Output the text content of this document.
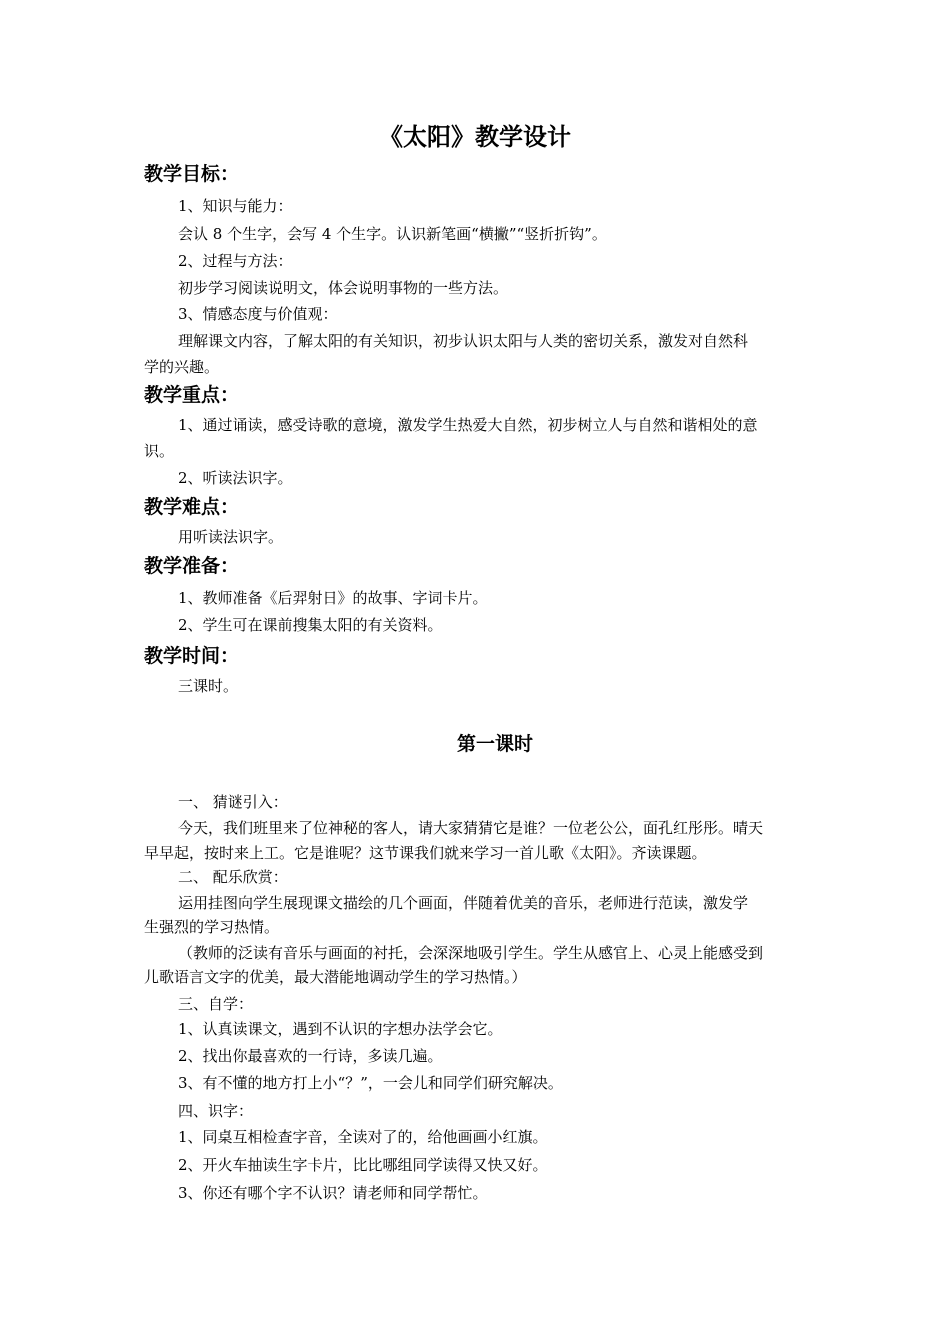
《太阳》教学设计
教学目标：
1、知识与能力：
会认 8 个生字，会写 4 个生字。认识新笔画“横撇”“竖折折钩”。
2、过程与方法：
初步学习阅读说明文，体会说明事物的一些方法。
3、情感态度与价值观：
理解课文内容，了解太阳的有关知识，初步认识太阳与人类的密切关系，激发对自然科
学的兴趣。
教学重点：
1、通过诵读，感受诗歌的意境，激发学生热爱大自然，初步树立人与自然和谐相处的意
识。
2、听读法识字。
教学难点：
用听读法识字。
教学准备：
1、教师准备《后羿射日》的故事、字词卡片。
2、学生可在课前搜集太阳的有关资料。
教学时间：
三课时。
第一课时
一、 猜谜引入：
今天，我们班里来了位神秘的客人，请大家猜猜它是谁？一位老公公，面孔红彤彤。晴天
早早起，按时来上工。它是谁呢？这节课我们就来学习一首儿歌《太阳》。齐读课题。
二、 配乐欣赏：
运用挂图向学生展现课文描绘的几个画面，伴随着优美的音乐，老师进行范读，激发学
生强烈的学习热情。
（教师的泛读有音乐与画面的衬托，会深深地吸引学生。学生从感官上、心灵上能感受到
儿歌语言文字的优美，最大潜能地调动学生的学习热情。）
三、自学：
1、认真读课文，遇到不认识的字想办法学会它。
2、找出你最喜欢的一行诗，多读几遍。
3、有不懂的地方打上小“？”，一会儿和同学们研究解决。
四、识字：
1、同桌互相检查字音，全读对了的，给他画画小红旗。
2、开火车抽读生字卡片，比比哪组同学读得又快又好。
3、你还有哪个字不认识？请老师和同学帮忙。
